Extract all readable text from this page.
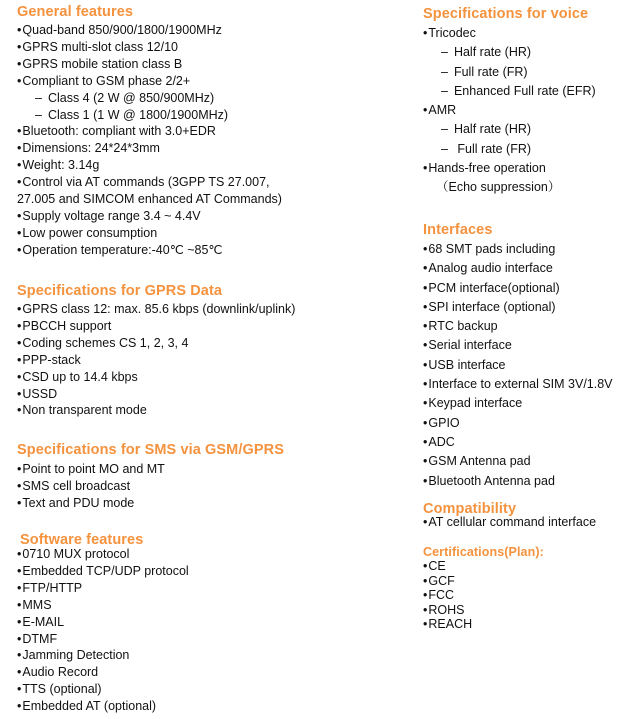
General features
• Quad-band 850/900/1800/1900MHz
• GPRS multi-slot class 12/10
• GPRS mobile station class B
• Compliant to GSM phase 2/2+
– Class 4 (2 W @ 850/900MHz)
– Class 1 (1 W @ 1800/1900MHz)
• Bluetooth: compliant with 3.0+EDR
• Dimensions: 24*24*3mm
• Weight: 3.14g
• Control via AT commands (3GPP TS 27.007,
27.005 and SIMCOM enhanced AT Commands)
• Supply voltage range 3.4 ~ 4.4V
• Low power consumption
• Operation temperature:-40℃ ~85℃
Specifications for GPRS Data
• GPRS class 12: max. 85.6 kbps (downlink/uplink)
• PBCCH support
• Coding schemes CS 1, 2, 3, 4
• PPP-stack
• CSD up to 14.4 kbps
• USSD
• Non transparent mode
Specifications for SMS via GSM/GPRS
• Point to point MO and MT
• SMS cell broadcast
• Text and PDU mode
Software features
• 0710 MUX protocol
• Embedded TCP/UDP protocol
• FTP/HTTP
• MMS
• E-MAIL
• DTMF
• Jamming Detection
• Audio Record
• TTS (optional)
• Embedded AT (optional)
Specifications for voice
• Tricodec
– Half rate (HR)
– Full rate (FR)
– Enhanced Full rate (EFR)
• AMR
– Half rate (HR)
– Full rate (FR)
• Hands-free operation
（Echo suppression）
Interfaces
• 68 SMT pads including
• Analog audio interface
• PCM interface(optional)
• SPI interface (optional)
• RTC backup
• Serial interface
• USB interface
• Interface to external SIM 3V/1.8V
• Keypad interface
• GPIO
• ADC
• GSM Antenna pad
• Bluetooth Antenna pad
Compatibility
• AT cellular command interface
Certifications(Plan):
• CE
• GCF
• FCC
• ROHS
• REACH
